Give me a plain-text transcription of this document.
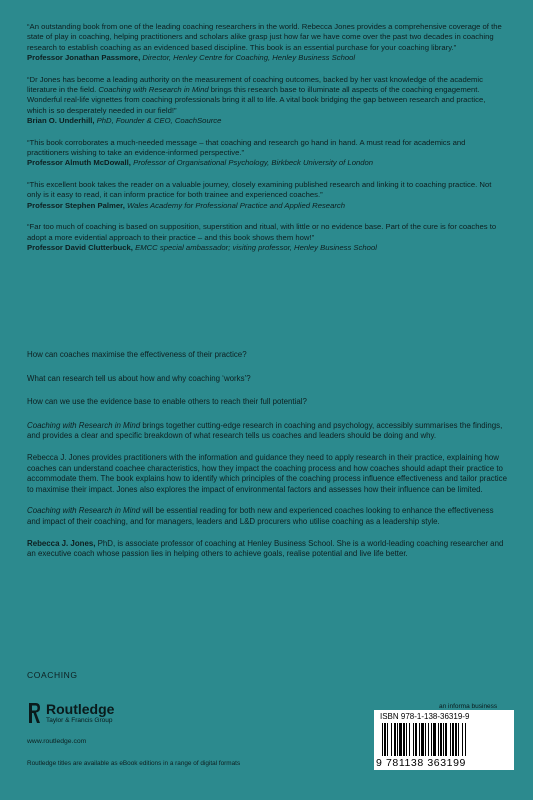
“An outstanding book from one of the leading coaching researchers in the world. Rebecca Jones provides a comprehensive coverage of the state of play in coaching, helping practitioners and scholars alike grasp just how far we have come over the past two decades in coaching research to establish coaching as an evidenced based discipline. This book is an essential purchase for your coaching library.”
Professor Jonathan Passmore, Director, Henley Centre for Coaching, Henley Business School
“Dr Jones has become a leading authority on the measurement of coaching outcomes, backed by her vast knowledge of the academic literature in the field. Coaching with Research in Mind brings this research base to illuminate all aspects of the coaching engagement. Wonderful real-life vignettes from coaching professionals bring it all to life. A vital book bridging the gap between research and practice, which is so desperately needed in our field!”
Brian O. Underhill, PhD, Founder & CEO, CoachSource
“This book corroborates a much-needed message – that coaching and research go hand in hand. A must read for academics and practitioners wishing to take an evidence-informed perspective.”
Professor Almuth McDowall, Professor of Organisational Psychology, Birkbeck University of London
“This excellent book takes the reader on a valuable journey, closely examining published research and linking it to coaching practice. Not only is it easy to read, it can inform practice for both trainee and experienced coaches.”
Professor Stephen Palmer, Wales Academy for Professional Practice and Applied Research
“Far too much of coaching is based on supposition, superstition and ritual, with little or no evidence base. Part of the cure is for coaches to adopt a more evidential approach to their practice – and this book shows them how!”
Professor David Clutterbuck, EMCC special ambassador; visiting professor, Henley Business School

How can coaches maximise the effectiveness of their practice?

What can research tell us about how and why coaching ‘works’?

How can we use the evidence base to enable others to reach their full potential?

Coaching with Research in Mind brings together cutting-edge research in coaching and psychology, accessibly summarises the findings, and provides a clear and specific breakdown of what research tells us coaches and leaders should be doing and why.

Rebecca J. Jones provides practitioners with the information and guidance they need to apply research in their practice, explaining how coaches can understand coachee characteristics, how they impact the coaching process and how coaches should adapt their practice to accommodate them. The book explains how to identify which principles of the coaching process influence effectiveness and tailor practice to maximise their impact. Jones also explores the impact of environmental factors and assesses how their influence can be limited.

Coaching with Research in Mind will be essential reading for both new and experienced coaches looking to enhance the effectiveness and impact of their coaching, and for managers, leaders and L&D procurers who utilise coaching as a leadership style.

Rebecca J. Jones, PhD, is associate professor of coaching at Henley Business School. She is a world-leading coaching researcher and an executive coach whose passion lies in helping others to achieve goals, realise potential and live life better.

COACHING
Routledge
Taylor & Francis Group
www.routledge.com
Routledge titles are available as eBook editions in a range of digital formats
an informa business
ISBN 978-1-138-36319-9
9 781138 363199
